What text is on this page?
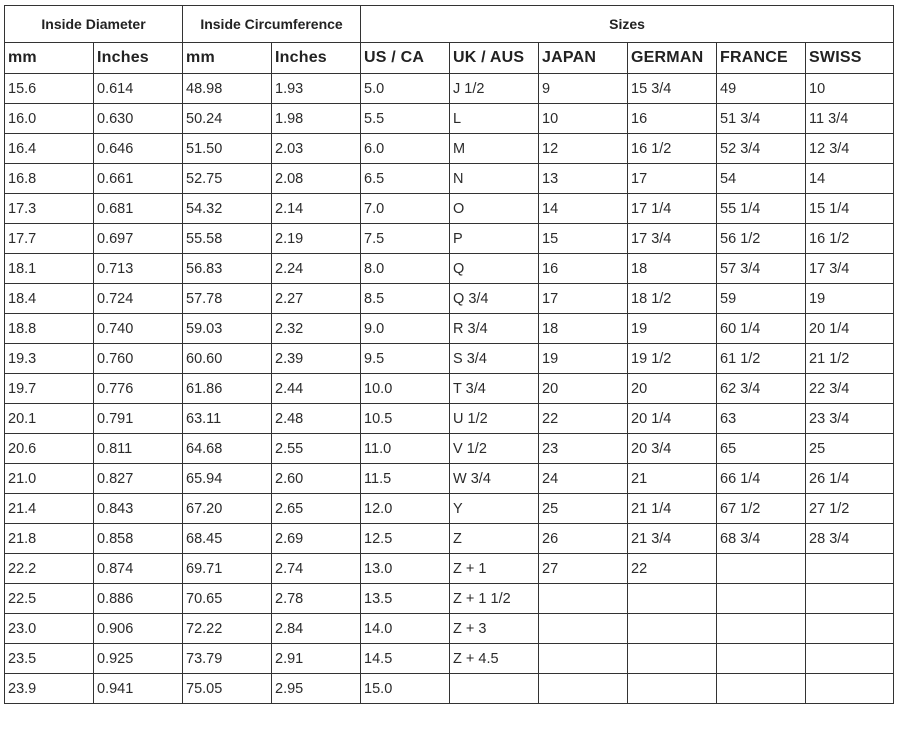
Inside Diameter		Inside Circumference		Sizes					
mm	Inches	mm	Inches	US / CA	UK / AUS	JAPAN	GERMAN	FRANCE	SWISS
15.6	0.614	48.98	1.93	5.0	J 1/2	9	15 3/4	49	10
16.0	0.630	50.24	1.98	5.5	L	10	16	51 3/4	11 3/4
16.4	0.646	51.50	2.03	6.0	M	12	16 1/2	52 3/4	12 3/4
16.8	0.661	52.75	2.08	6.5	N	13	17	54	14
17.3	0.681	54.32	2.14	7.0	O	14	17 1/4	55 1/4	15 1/4
17.7	0.697	55.58	2.19	7.5	P	15	17 3/4	56 1/2	16 1/2
18.1	0.713	56.83	2.24	8.0	Q	16	18	57 3/4	17 3/4
18.4	0.724	57.78	2.27	8.5	Q 3/4	17	18 1/2	59	19
18.8	0.740	59.03	2.32	9.0	R 3/4	18	19	60 1/4	20 1/4
19.3	0.760	60.60	2.39	9.5	S 3/4	19	19 1/2	61 1/2	21 1/2
19.7	0.776	61.86	2.44	10.0	T 3/4	20	20	62 3/4	22 3/4
20.1	0.791	63.11	2.48	10.5	U 1/2	22	20 1/4	63	23 3/4
20.6	0.811	64.68	2.55	11.0	V 1/2	23	20 3/4	65	25
21.0	0.827	65.94	2.60	11.5	W 3/4	24	21	66 1/4	26 1/4
21.4	0.843	67.20	2.65	12.0	Y	25	21 1/4	67 1/2	27 1/2
21.8	0.858	68.45	2.69	12.5	Z	26	21 3/4	68 3/4	28 3/4
22.2	0.874	69.71	2.74	13.0	Z + 1	27	22		
22.5	0.886	70.65	2.78	13.5	Z + 1 1/2				
23.0	0.906	72.22	2.84	14.0	Z + 3				
23.5	0.925	73.79	2.91	14.5	Z + 4.5				
23.9	0.941	75.05	2.95	15.0					
